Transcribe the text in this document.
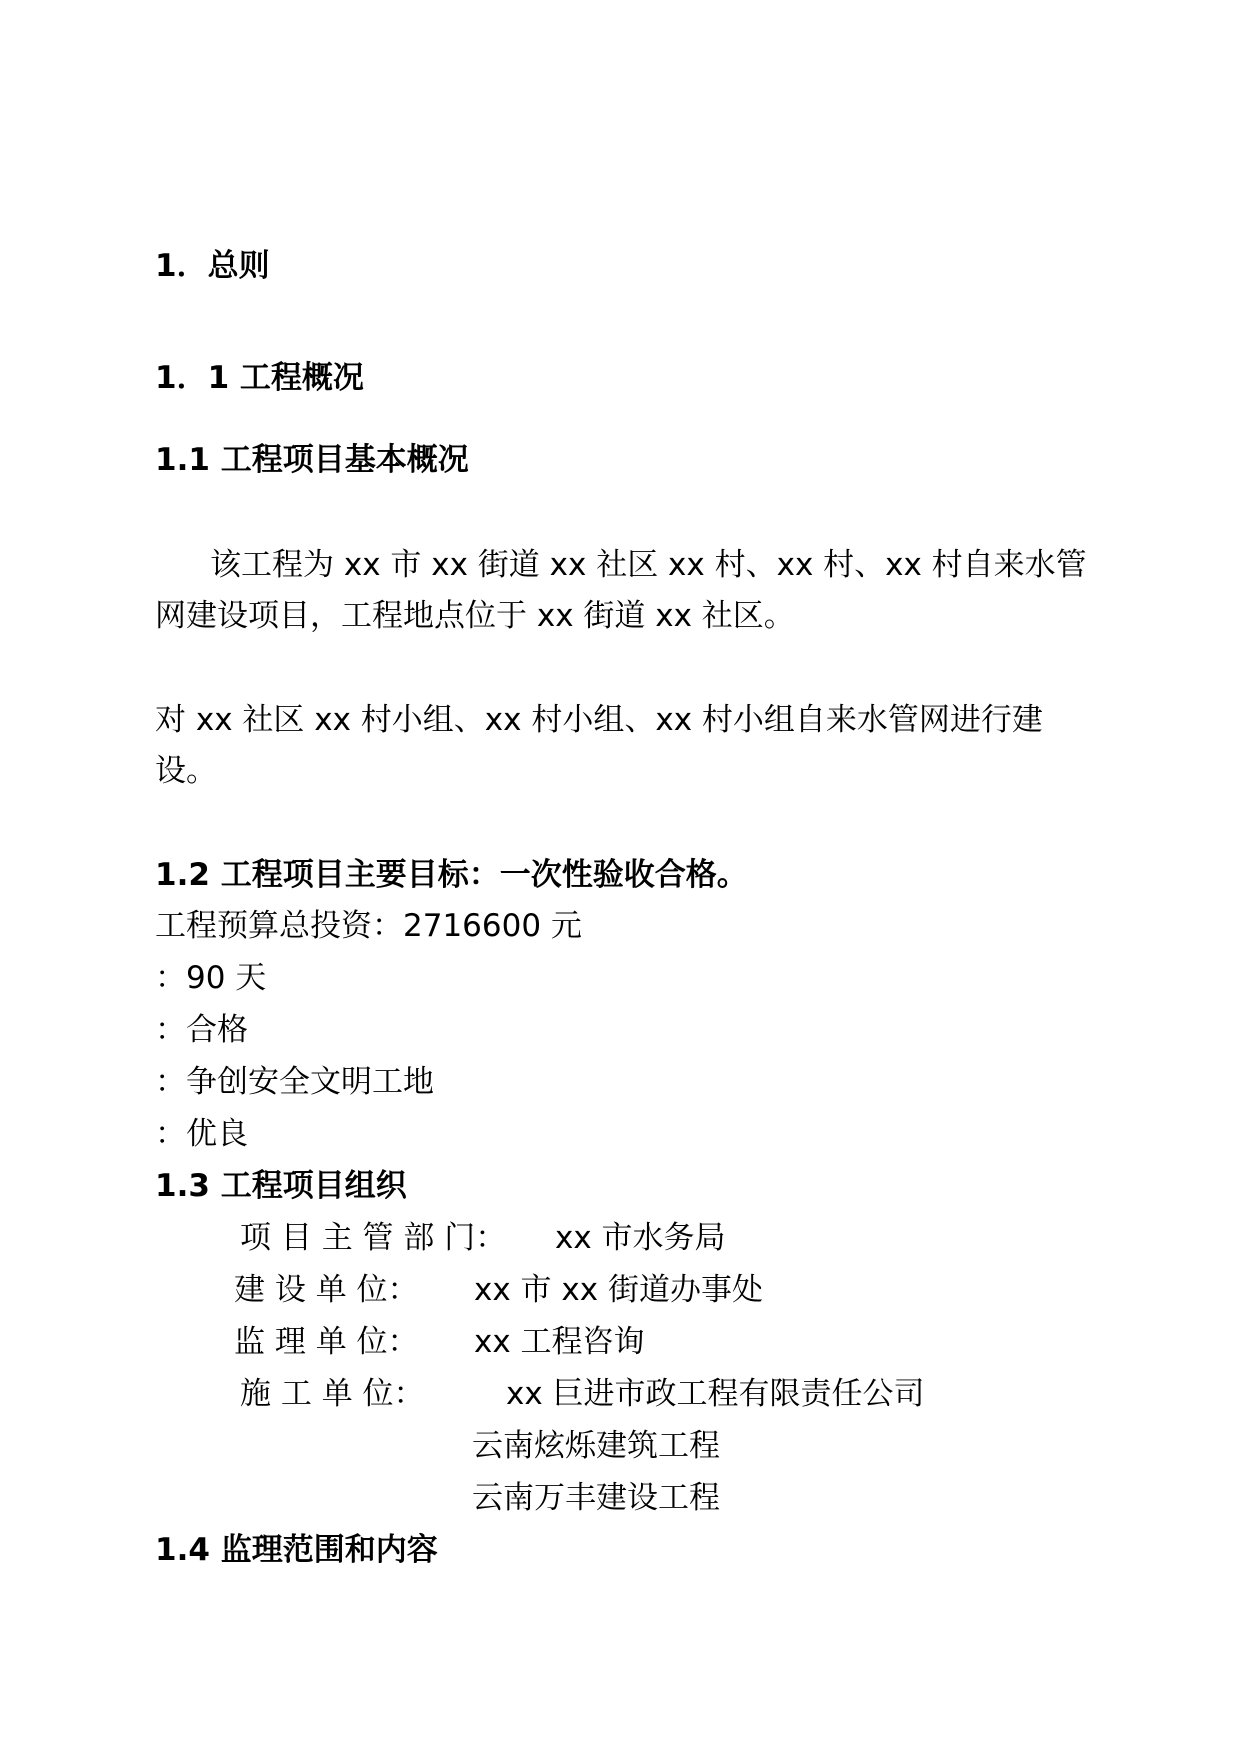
1．总则
1．1 工程概况
1.1 工程项目基本概况
该工程为 xx 市 xx 街道 xx 社区 xx 村、xx 村、xx 村自来水管
网建设项目，工程地点位于 xx 街道 xx 社区。
对 xx 社区 xx 村小组、xx 村小组、xx 村小组自来水管网进行建
设。
1.2 工程项目主要目标：一次性验收合格。
工程预算总投资：2716600 元
：90 天
：合格
：争创安全文明工地
：优良
1.3 工程项目组织
项 目 主 管 部 门： xx 市水务局
建 设 单 位： xx 市 xx 街道办事处
监 理 单 位： xx 工程咨询
施 工 单 位：	xx 巨进市政工程有限责任公司
云南炫烁建筑工程
云南万丰建设工程
1.4 监理范围和内容
